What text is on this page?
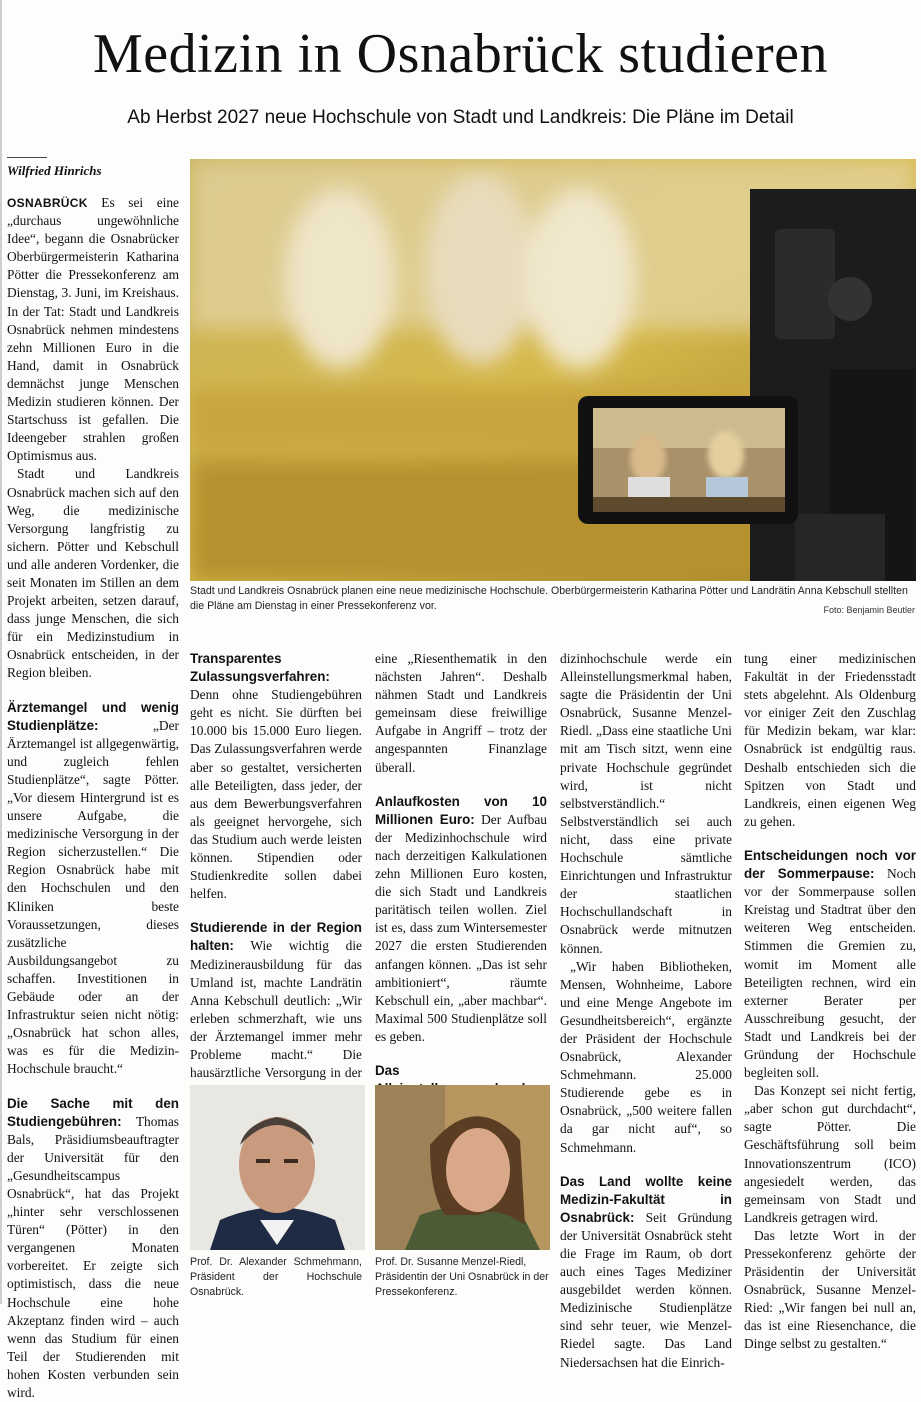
Medizin in Osnabrück studieren
Ab Herbst 2027 neue Hochschule von Stadt und Landkreis: Die Pläne im Detail
Wilfried Hinrichs
Stadt und Landkreis Osnabrück planen eine neue medizinische Hochschule. Oberbürgermeisterin Katharina Pötter und Landrätin Anna Kebschull stellten die Pläne am Dienstag in einer Pressekonferenz vor.	Foto: Benjamin Beutler

OSNABRÜCK Es sei eine „durchaus ungewöhnliche Idee“, begann die Osnabrücker Oberbürgermeisterin Katharina Pötter die Pressekonferenz am Dienstag, 3. Juni, im Kreishaus. In der Tat: Stadt und Landkreis Osnabrück nehmen mindestens zehn Millionen Euro in die Hand, damit in Osnabrück demnächst junge Menschen Medizin studieren können. Der Startschuss ist gefallen. Die Ideengeber strahlen großen Optimismus aus.

Stadt und Landkreis Osnabrück machen sich auf den Weg, die medizinische Versorgung langfristig zu sichern. Pötter und Kebschull und alle anderen Vordenker, die seit Monaten im Stillen an dem Projekt arbeiten, setzen darauf, dass junge Menschen, die sich für ein Medizinstudium in Osnabrück entscheiden, in der Region bleiben.

Ärztemangel und wenig Studienplätze:	„Der Ärztemangel ist allgegenwärtig, und zugleich fehlen Studienplätze“, sagte Pötter. „Vor diesem Hintergrund ist es unsere Aufgabe, die medizinische Versorgung in der Region sicherzustellen.“ Die Region Osnabrück habe mit den Hochschulen und den Kliniken beste Voraussetzungen, dieses zusätzliche Ausbildungsangebot zu schaffen. Investitionen in Gebäude oder an der Infrastruktur seien nicht nötig: „Osnabrück hat schon alles, was es für die Medizin-Hochschule braucht.“

Die Sache mit den Studiengebühren: Thomas Bals, Präsidiumsbeauftragter der Universität für den „Gesundheitscampus Osnabrück“, hat das Projekt „hinter sehr verschlossenen Türen“ (Pötter) in den vergangenen Monaten vorbereitet. Er zeigte sich optimistisch, dass die neue Hochschule eine hohe Akzeptanz finden wird – auch wenn das Studium für einen Teil der Studierenden mit hohen Kosten verbunden sein wird.

Transparentes Zulassungsverfahren: Denn ohne Studiengebühren geht es nicht. Sie dürften bei 10.000 bis 15.000 Euro liegen. Das Zulassungsverfahren werde aber so gestaltet, versicherten alle Beteiligten, dass jeder, der aus dem Bewerbungsverfahren als geeignet hervorgehe, sich das Studium auch werde leisten können. Stipendien oder Studienkredite sollen dabei helfen.

Studierende in der Region halten: Wie wichtig die Medizinerausbildung für das Umland ist, machte Landrätin Anna Kebschull deutlich: „Wir erleben schmerzhaft, wie uns der Ärztemangel immer mehr Probleme macht.“ Die hausärztliche Versorgung in der

eine „Riesenthematik in den nächsten Jahren“. Deshalb nähmen Stadt und Landkreis gemeinsam diese freiwillige Aufgabe in Angriff – trotz der angespannten Finanzlage überall.

Anlaufkosten von 10 Millionen Euro: Der Aufbau der Medizinhochschule wird nach derzeitigen Kalkulationen zehn Millionen Euro kosten, die sich Stadt und Landkreis paritätisch teilen wollen. Ziel ist es, dass zum Wintersemester 2027 die ersten Studierenden anfangen können. „Das ist sehr ambitioniert“, räumte Kebschull ein, „aber machbar“. Maximal 500 Studienplätze soll es geben.

Das

dizinhochschule werde ein Alleinstellungsmerkmal haben, sagte die Präsidentin der Uni Osnabrück, Susanne Menzel-Riedl. „Dass eine staatliche Uni mit am Tisch sitzt, wenn eine private Hochschule gegründet wird, ist nicht selbstverständlich.“ Selbstverständlich sei auch nicht, dass eine private Hochschule sämtliche Einrichtungen und Infrastruktur der staatlichen Hochschullandschaft in Osnabrück werde mitnutzen können.

„Wir haben Bibliotheken, Mensen, Wohnheime, Labore und eine Menge Angebote im Gesundheitsbereich“, ergänzte der Präsident der Hochschule Osnabrück, Alexander Schmehmann. 25.000 Studierende gebe es in Osnabrück, „500 weitere fallen da gar nicht auf“, so Schmehmann.

Das Land wollte keine Medizin-Fakultät in Osnabrück: Seit Gründung der Universität Osnabrück steht die Frage im Raum, ob dort auch eines Tages Mediziner ausgebildet werden können. Medizinische Studienplätze sind sehr teuer, wie Menzel-Riedel sagte. Das Land Niedersachsen hat die Einrich-

tung einer medizinischen Fakultät in der Friedensstadt stets abgelehnt. Als Oldenburg vor einiger Zeit den Zuschlag für Medizin bekam, war klar: Osnabrück ist endgültig raus. Deshalb entschieden sich die Spitzen von Stadt und Landkreis, einen eigenen Weg zu gehen.

Entscheidungen noch vor der Sommerpause: Noch vor der Sommerpause sollen Kreistag und Stadtrat über den weiteren Weg entscheiden. Stimmen die Gremien zu, womit im Moment alle Beteiligten rechnen, wird ein externer Berater per Ausschreibung gesucht, der Stadt und Landkreis bei der Gründung der Hochschule begleiten soll.

Das Konzept sei nicht fertig, „aber schon gut durchdacht“, sagte Pötter. Die Geschäftsführung soll beim Innovationszentrum (ICO) angesiedelt werden, das gemeinsam von Stadt und Landkreis getragen wird.

Das letzte Wort in der Pressekonferenz gehörte der Präsidentin der Universität Osnabrück, Susanne Menzel-Ried: „Wir fangen bei null an, das ist eine Riesenchance, die Dinge selbst zu gestalten.“

Prof. Dr. Alexander Schmehmann, Präsident der Hochschule Osnabrück.
Prof. Dr. Susanne Menzel-Riedl, Präsidentin der Uni Osnabrück in der Pressekonferenz.
